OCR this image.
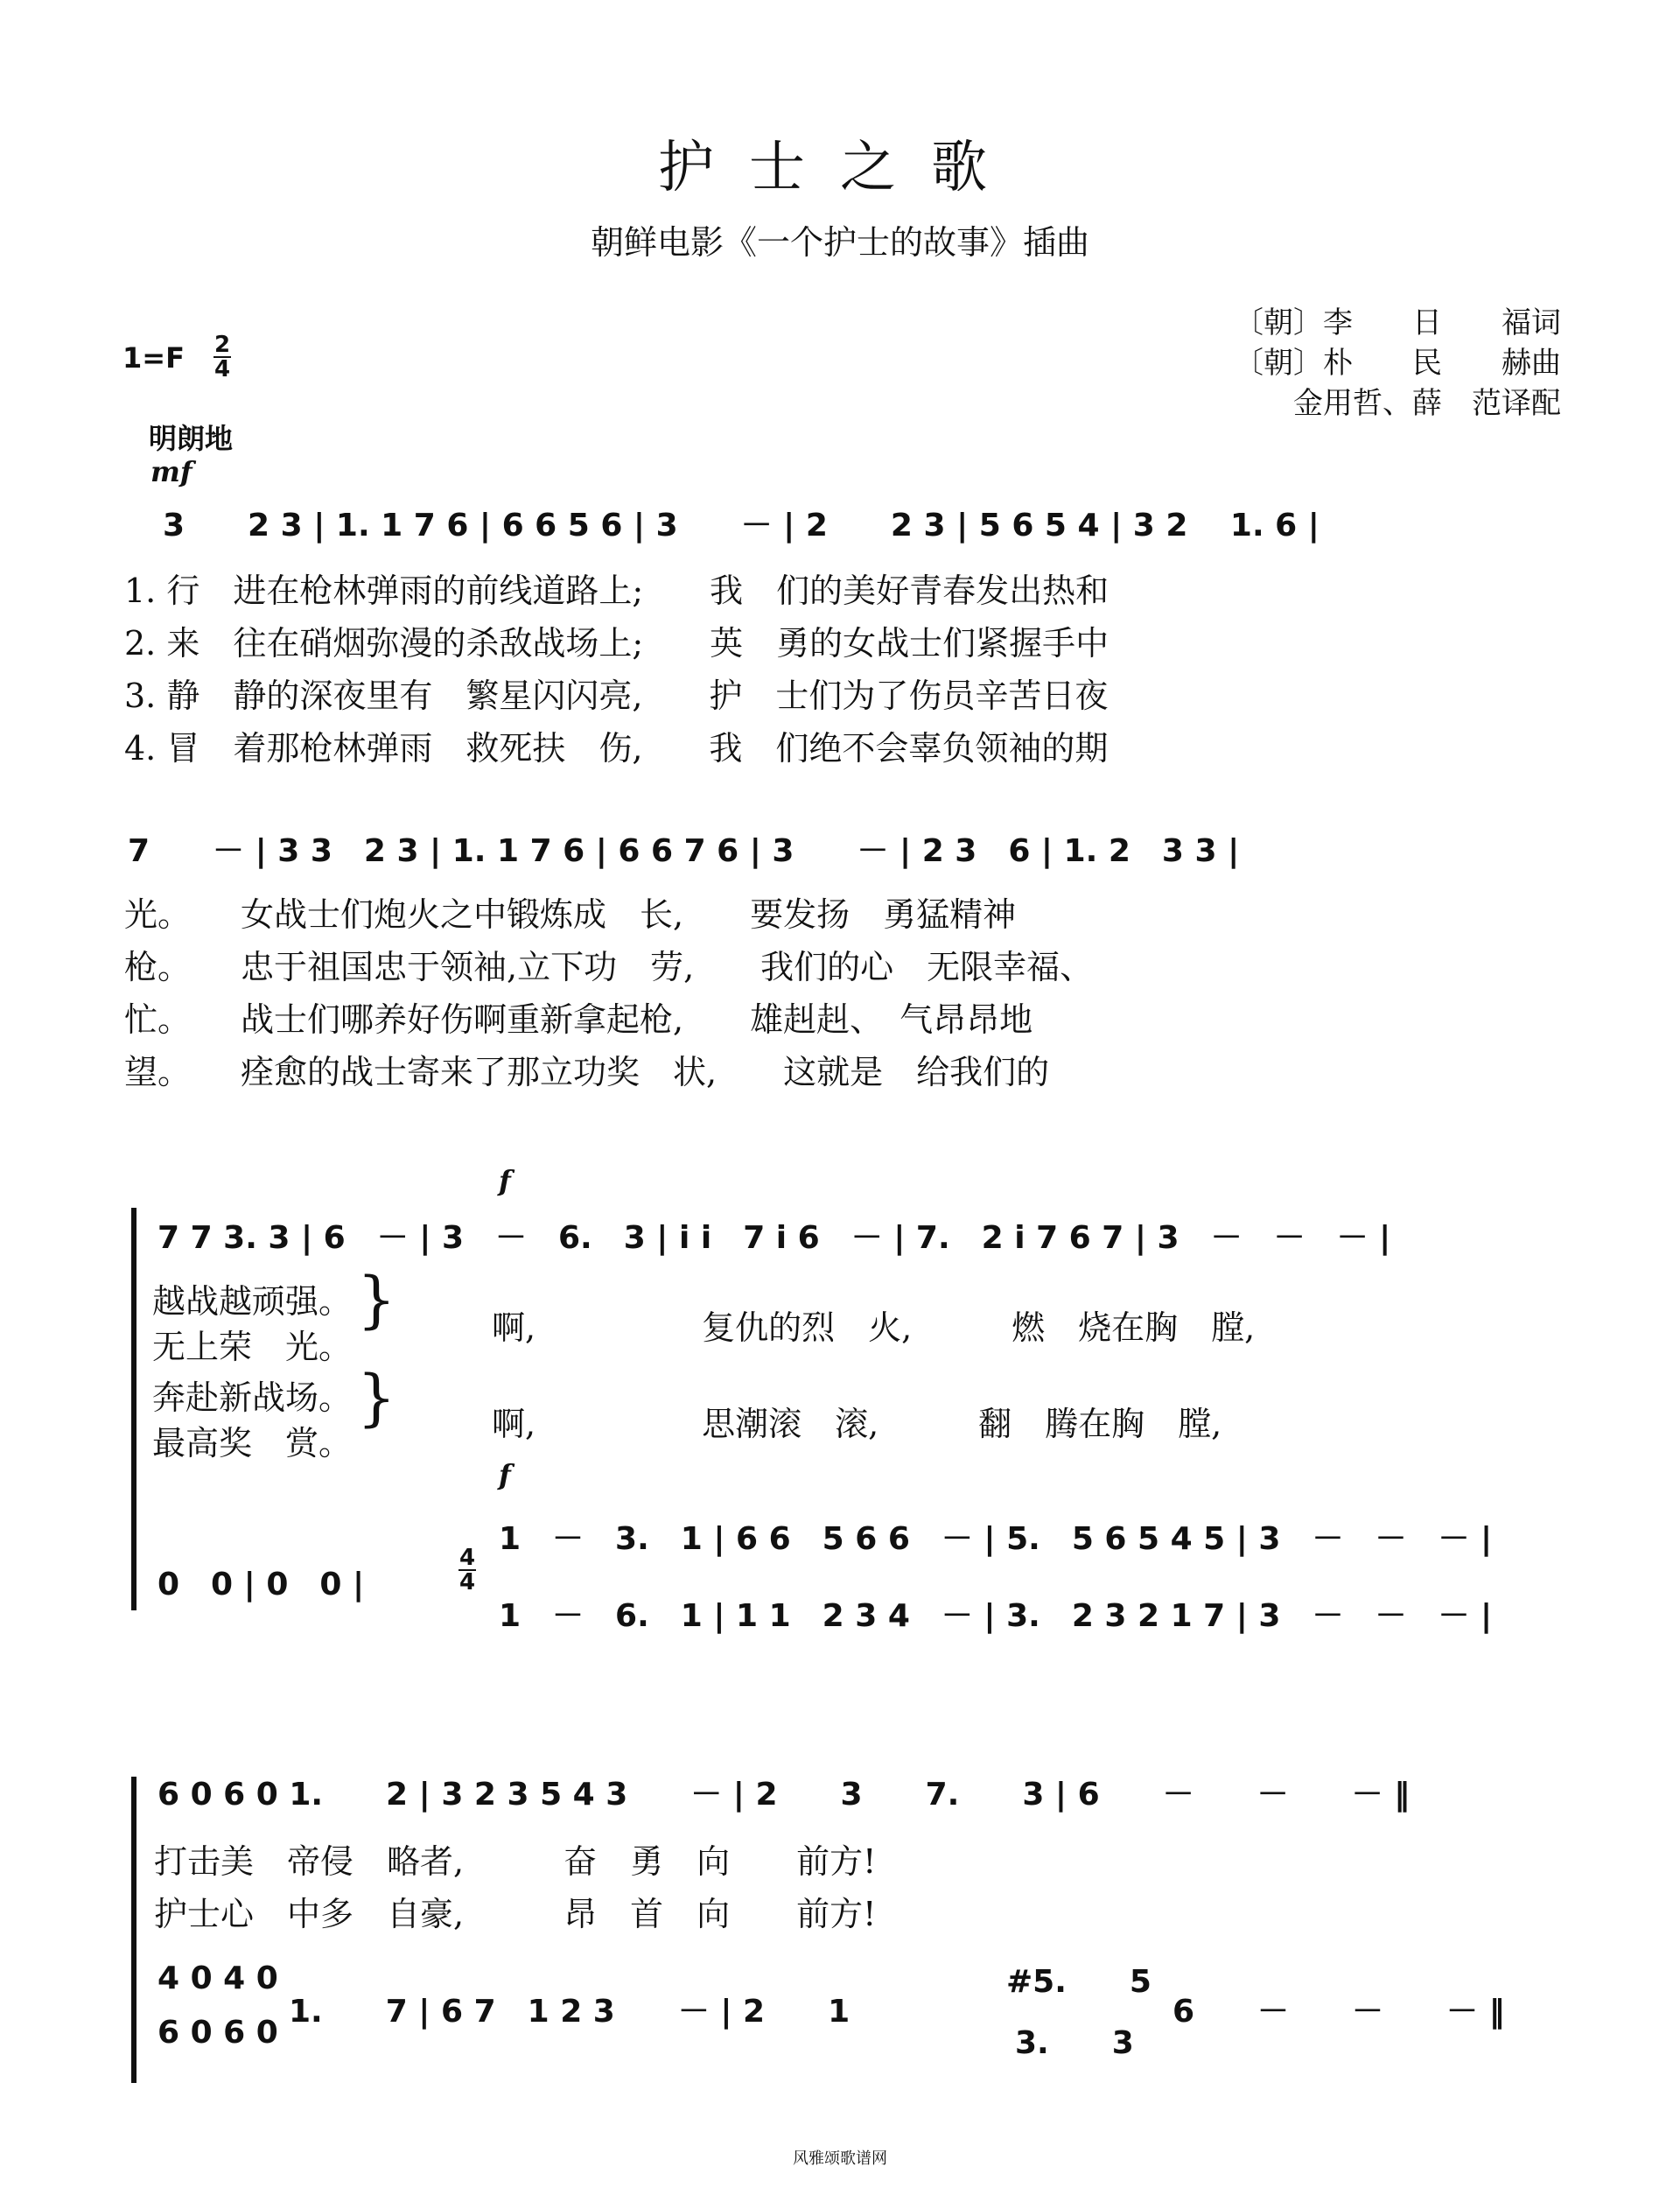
护士之歌
朝鲜电影《一个护士的故事》插曲
〔朝〕李　　日　　福词
〔朝〕朴　　民　　赫曲
金用哲、薛　范译配
1=F 2
4
明朗地
mf
3　　2 3 | 1. 1 7 6 | 6 6 5 6 | 3　　－ | 2　　2 3 | 5 6 5 4 | 3 2　 1. 6 |
1. 行　进在枪林弹雨的前线道路上;　　我　们的美好青春发出热和
2. 来　往在硝烟弥漫的杀敌战场上;　　英　勇的女战士们紧握手中
3. 静　静的深夜里有　繁星闪闪亮,　　护　士们为了伤员辛苦日夜
4. 冒　着那枪林弹雨　救死扶　伤,　　我　们绝不会辜负领袖的期
7　　－ | 3 3　2 3 | 1. 1 7 6 | 6 6 7 6 | 3　　－ | 2 3　6 | 1. 2　3 3 |
光。　　女战士们炮火之中锻炼成　长,　　要发扬　勇猛精神
枪。　　忠于祖国忠于领袖,立下功　劳,　　我们的心　无限幸福、
忙。　　战士们哪养好伤啊重新拿起枪,　　雄赳赳、　气昂昂地
望。　　痊愈的战士寄来了那立功奖　状,　　这就是　给我们的
f
7 7 3. 3 | 6　－ | 3　－　6.　3 | i i　7 i 6　－ | 7.　2 i 7 6 7 | 3　－　－　－ |
越战越顽强。
无上荣　光。
奔赴新战场。
最高奖　赏。
}
}
啊,　　　　　复仇的烈　火,　　　燃　烧在胸　膛,
啊,　　　　　思潮滚　滚,　　　翻　腾在胸　膛,
f
0　0 | 0　0 |
4
4
1　－　3.　1 | 6 6　5 6 6　－ | 5.　5 6 5 4 5 | 3　－　－　－ |
1　－　6.　1 | 1 1　2 3 4　－ | 3.　2 3 2 1 7 | 3　－　－　－ |
6 0 6 0 1.　　2 | 3 2 3 5 4 3　　－ | 2　　3　　7.　　3 | 6　　－　　－　　－ ‖
打击美　帝侵　略者,　　　奋　勇　向　　前方!
护士心　中多　自豪,　　　昂　首　向　　前方!
4 0 4 0
6 0 6 0
1.　　7 | 6 7　1 2 3　　－ | 2　　1
#5.　　5
3.　　3
6　　－　　－　　－ ‖
风雅颂歌谱网
